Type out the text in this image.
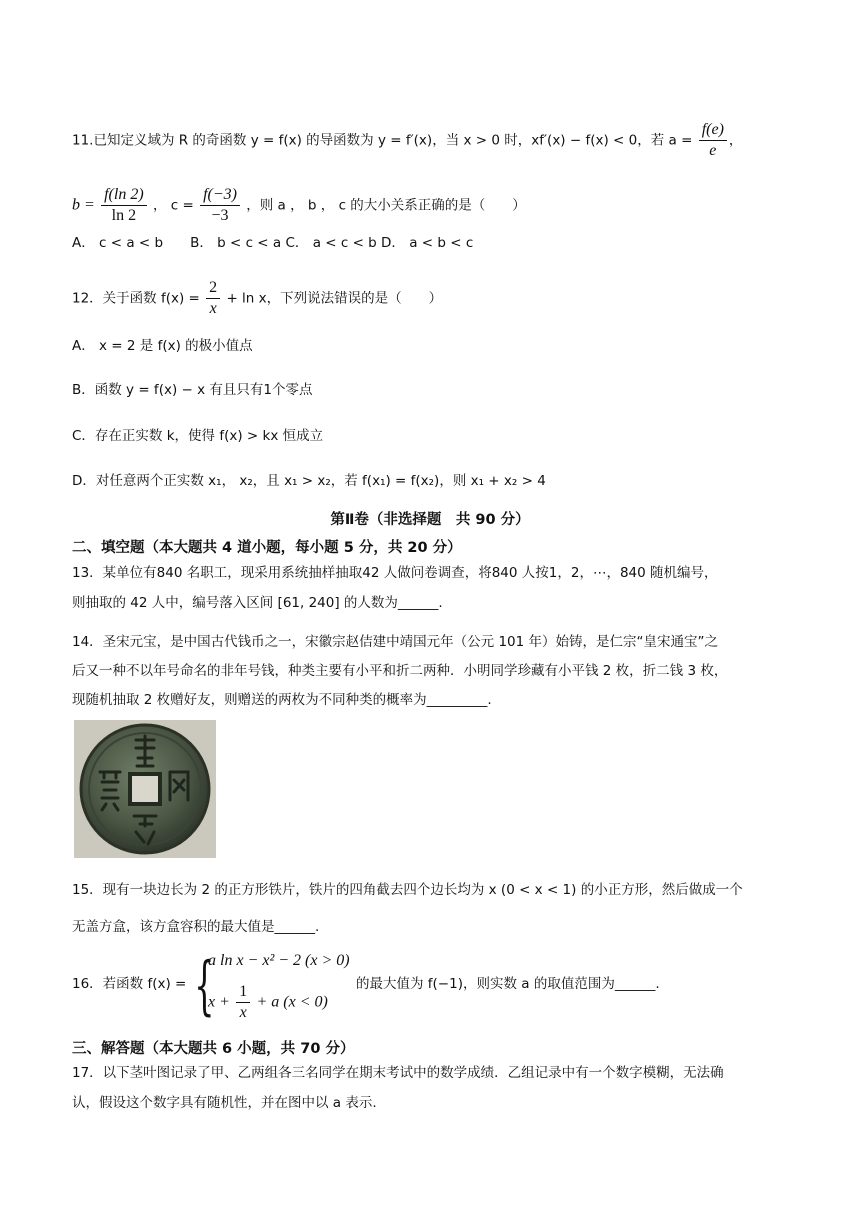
11.已知定义域为 R 的奇函数 y = f(x) 的导函数为 y = f′(x)，当 x > 0 时，xf′(x) − f(x) < 0，若 $a = \frac{f(e)}{e}$ ，
$b = \frac{f(\ln 2)}{\ln 2}$ ， $c = \frac{f(-3)}{-3}$ ，则 a ， b ， c 的大小关系正确的是（　　）
A． c < a < b　　B． b < c < a C． a < c < b D． a < b < c
12．关于函数 $f(x) = \frac{2}{x} + \ln x$，下列说法错误的是（　　）
A． x = 2 是 f(x) 的极小值点
B．函数 y = f(x) − x 有且只有1个零点
C．存在正实数 k，使得 f(x) > kx 恒成立
D．对任意两个正实数 x₁， x₂，且 x₁ > x₂，若 f(x₁) = f(x₂)，则 x₁ + x₂ > 4
第Ⅱ卷（非选择题　共 90 分）
二、填空题（本大题共 4 道小题，每小题 5 分，共 20 分）
13．某单位有840 名职工，现采用系统抽样抽取42 人做问卷调查，将840 人按1，2，⋯，840 随机编号，
则抽取的 42 人中，编号落入区间 [61, 240] 的人数为______.
14．圣宋元宝，是中国古代钱币之一，宋徽宗赵佶建中靖国元年（公元 101 年）始铸，是仁宗“皇宋通宝”之
后又一种不以年号命名的非年号钱，种类主要有小平和折二两种．小明同学珍藏有小平钱 2 枚，折二钱 3 枚，
现随机抽取 2 枚赠好友，则赠送的两枚为不同种类的概率为_________.
15．现有一块边长为 2 的正方形铁片，铁片的四角截去四个边长均为 x (0 < x < 1) 的小正方形，然后做成一个
无盖方盒，该方盒容积的最大值是______.
16．若函数 f(x) = {
a ln x − x² − 2 (x > 0)
$x + \frac{1}{x} + a$ (x < 0)
的最大值为 f(−1)，则实数 a 的取值范围为______.
三、解答题（本大题共 6 小题，共 70 分）
17．以下茎叶图记录了甲、乙两组各三名同学在期末考试中的数学成绩．乙组记录中有一个数字模糊，无法确
认，假设这个数字具有随机性，并在图中以 a 表示.
